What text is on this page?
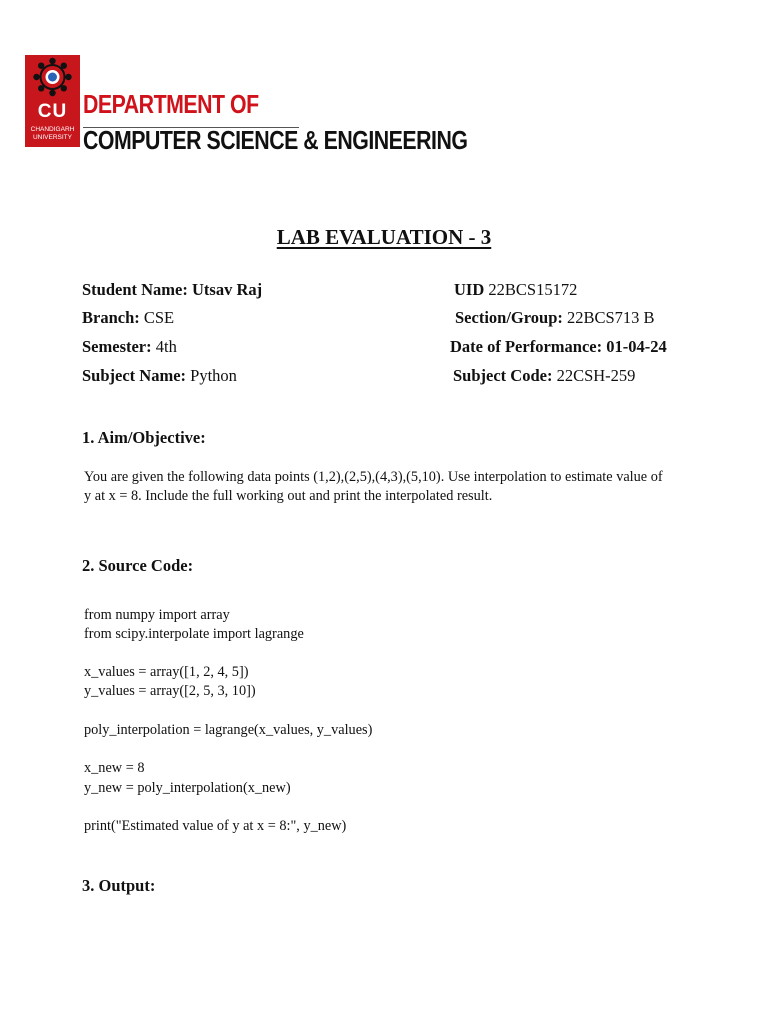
CU
CHANDIGARH
UNIVERSITY
DEPARTMENT OF
COMPUTER SCIENCE & ENGINEERING
LAB EVALUATION - 3
Student Name: Utsav Raj	UID 22BCS15172
Branch: CSE	Section/Group: 22BCS713 B
Semester: 4th	Date of Performance: 01-04-24
Subject Name: Python	Subject Code: 22CSH-259
1. Aim/Objective:
You are given the following data points (1,2),(2,5),(4,3),(5,10). Use interpolation to estimate value of
y at x = 8. Include the full working out and print the interpolated result.
2. Source Code:
from numpy import array
from scipy.interpolate import lagrange
x_values = array([1, 2, 4, 5])
y_values = array([2, 5, 3, 10])
poly_interpolation = lagrange(x_values, y_values)
x_new = 8
y_new = poly_interpolation(x_new)
print("Estimated value of y at x = 8:", y_new)
3. Output:
